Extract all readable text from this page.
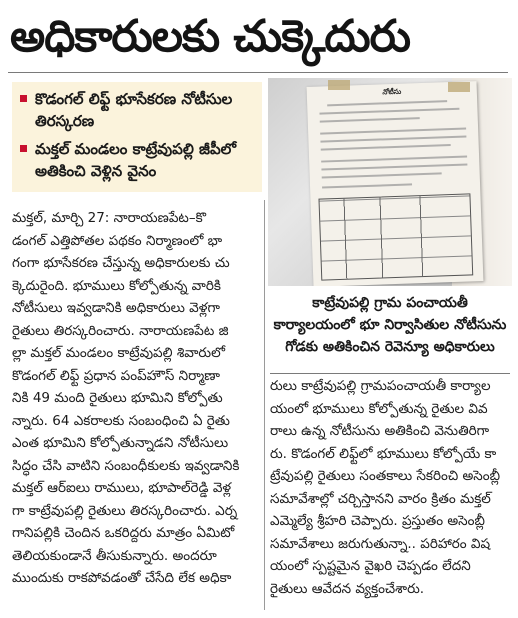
అధికారులకు చుక్కెదురు
కొడంగల్ లిఫ్ట్ భూసేకరణ నోటీసుల తిరస్కరణ
మక్తల్ మండలం కాట్రేవుపల్లి జీపీలో అతికించి వెళ్లిన వైనం
నోటీసు
కాట్రేవుపల్లి గ్రామ పంచాయతీ కార్యాలయంలో భూ నిర్వాసితుల నోటీసును గోడకు అతికించిన రెవెన్యూ అధికారులు
మక్తల్, మార్చి 27: నారాయణపేట–కొ
డంగల్ ఎత్తిపోతల పథకం నిర్మాణంలో భా
గంగా భూసేకరణ చేస్తున్న అధికారులకు చు
క్కెదురైంది. భూములు కోల్పోతున్న వారికి
నోటీసులు ఇవ్వడానికి అధికారులు వెళ్లగా
రైతులు తిరస్కరించారు. నారాయణపేట జి
ల్లా మక్తల్ మండలం కాట్రేవుపల్లి శివారులో
కొడంగల్ లిఫ్ట్ ప్రధాన పంప్‌హౌస్ నిర్మాణా
నికి 49 మంది రైతులు భూమిని కోల్పోతు
న్నారు. 64 ఎకరాలకు సంబంధించి ఏ రైతు
ఎంత భూమిని కోల్పోతున్నాడని నోటీసులు
సిద్ధం చేసి వాటిని సంబంధీకులకు ఇవ్వడానికి
మక్తల్ ఆర్ఐలు రాములు, భూపాల్‌రెడ్డి వెళ్ల
గా కాట్రేవుపల్లి రైతులు తిరస్కరించారు. ఎర్న
గానిపల్లికి చెందిన ఒకరిద్దరు మాత్రం ఏమిటో
తెలియకుండానే తీసుకున్నారు. అందరూ
ముందుకు రాకపోవడంతో చేసేది లేక అధికా
రులు కాట్రేవుపల్లి గ్రామపంచాయతీ కార్యాల
యంలో భూములు కోల్పోతున్న రైతుల వివ
రాలు ఉన్న నోటీసును అతికించి వెనుతిరిగా
రు. కొడంగల్ లిఫ్ట్‌లో భూములు కోల్పోయే కా
ట్రేవుపల్లి రైతులు సంతకాలు సేకరించి అసెంబ్లీ
సమావేశాల్లో చర్చిస్తానని వారం క్రితం మక్తల్
ఎమ్మెల్యే శ్రీహరి చెప్పారు. ప్రస్తుతం అసెంబ్లీ
సమావేశాలు జరుగుతున్నా.. పరిహారం విష
యంలో స్పష్టమైన వైఖరి చెప్పడం లేదని
రైతులు ఆవేదన వ్యక్తంచేశారు.
